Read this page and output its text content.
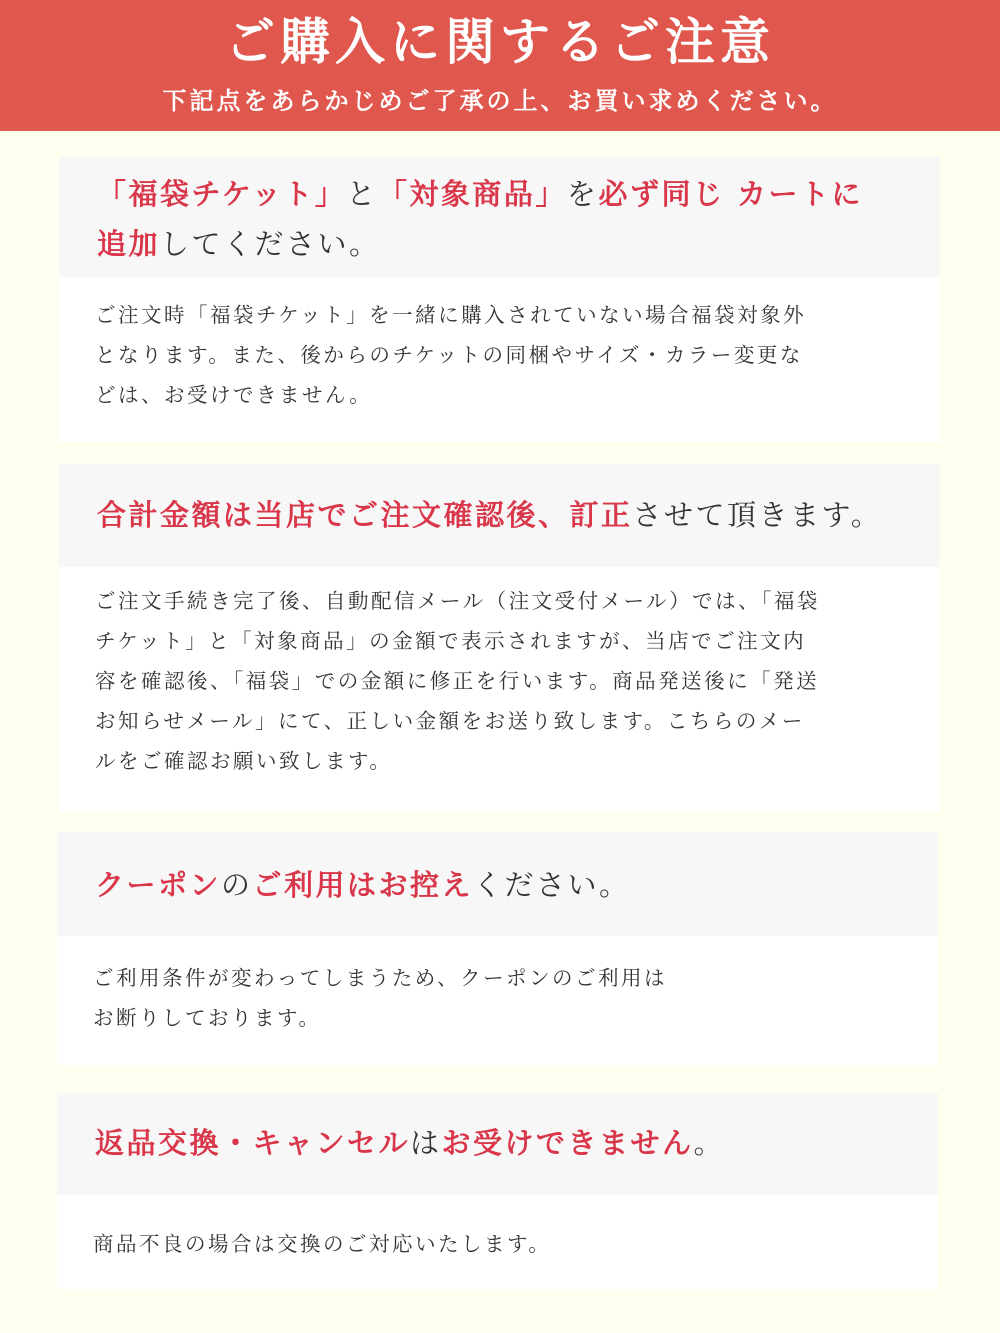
ご購入に関するご注意

下記点をあらかじめご了承の上、お買い求めください。

「福袋チケット」と「対象商品」を必ず同じ カートに追加してください。

ご注文時「福袋チケット」を一緒に購入されていない場合福袋対象外

となります。また、後からのチケットの同梱やサイズ・カラー変更な

どは、お受けできません。

合計金額は当店でご注文確認後、訂正させて頂きます。

ご注文手続き完了後、自動配信メール（注文受付メール）では、「福袋

チケット」と「対象商品」の金額で表示されますが、当店でご注文内

容を確認後、「福袋」での金額に修正を行います。商品発送後に「発送

お知らせメール」にて、正しい金額をお送り致します。こちらのメー

ルをご確認お願い致します。

クーポンのご利用はお控えください。

ご利用条件が変わってしまうため、クーポンのご利用は

お断りしております。

返品交換・キャンセルはお受けできません。

商品不良の場合は交換のご対応いたします。
